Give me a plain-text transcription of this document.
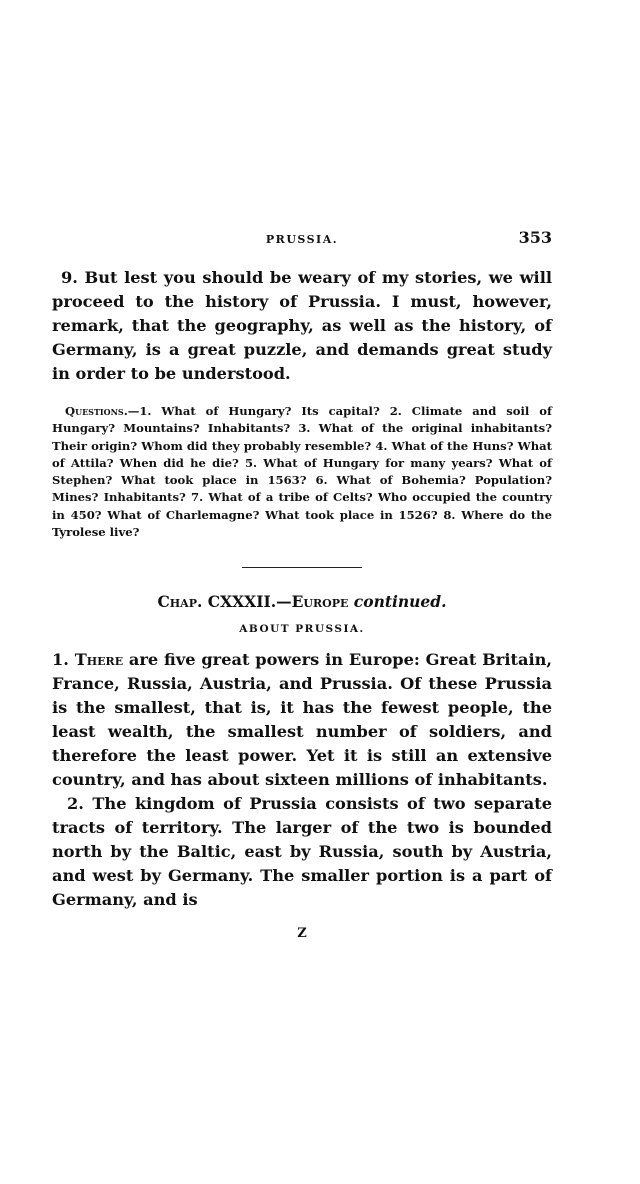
PRUSSIA.	353

9. But lest you should be weary of my stories, we will proceed to the history of Prussia. I must, however, remark, that the geography, as well as the history, of Germany, is a great puzzle, and demands great study in order to be understood.

Questions.—1. What of Hungary? Its capital? 2. Climate and soil of Hungary? Mountains? Inhabitants? 3. What of the original inhabitants? Their origin? Whom did they probably resemble? 4. What of the Huns? What of Attila? When did he die? 5. What of Hungary for many years? What of Stephen? What took place in 1563? 6. What of Bohemia? Population? Mines? Inhabitants? 7. What of a tribe of Celts? Who occupied the country in 450? What of Charlemagne? What took place in 1526? 8. Where do the Tyrolese live?

Chap. CXXXII.—Europe continued.
ABOUT PRUSSIA.

1. There are five great powers in Europe: Great Britain, France, Russia, Austria, and Prussia. Of these Prussia is the smallest, that is, it has the fewest people, the least wealth, the smallest number of soldiers, and therefore the least power. Yet it is still an extensive country, and has about sixteen millions of inhabitants.

2. The kingdom of Prussia consists of two separate tracts of territory. The larger of the two is bounded north by the Baltic, east by Russia, south by Austria, and west by Germany. The smaller portion is a part of Germany, and is

Z
